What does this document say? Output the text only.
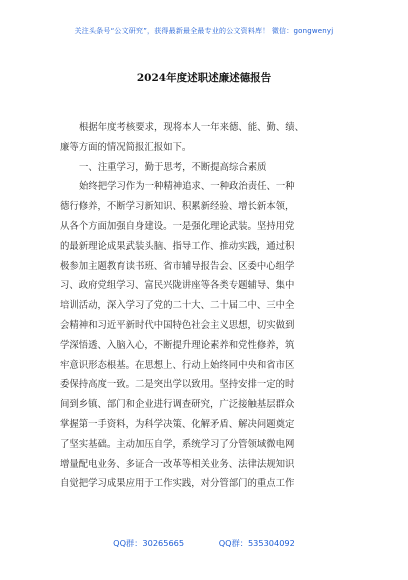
关注头条号“公文研究”，获得最新最全最专业的公文资料库！ 微信：gongwenyj
2024年度述职述廉述德报告
根据年度考核要求，现将本人一年来德、能、勤、绩、
廉等方面的情况简报汇报如下。
一、注重学习，勤于思考，不断提高综合素质
始终把学习作为一种精神追求、一种政治责任、一种
德行修养，不断学习新知识、积累新经验、增长新本领，
从各个方面加强自身建设。一是强化理论武装。坚持用党
的最新理论成果武装头脑、指导工作、推动实践，通过积
极参加主题教育读书班、省市辅导报告会、区委中心组学
习、政府党组学习、富民兴陇讲座等各类专题辅导、集中
培训活动，深入学习了党的二十大、二十届二中、三中全
会精神和习近平新时代中国特色社会主义思想，切实做到
学深悟透、入脑入心，不断提升理论素养和党性修养，筑
牢意识形态根基。在思想上、行动上始终同中央和省市区
委保持高度一致。二是突出学以致用。坚持安排一定的时
间到乡镇、部门和企业进行调查研究，广泛接触基层群众
掌握第一手资料，为科学决策、化解矛盾、解决问题奠定
了坚实基础。主动加压自学，系统学习了分管领域微电网
增量配电业务、多证合一改革等相关业务、法律法规知识
自觉把学习成果应用于工作实践，对分管部门的重点工作
QQ群：30265665	QQ群：535304092
